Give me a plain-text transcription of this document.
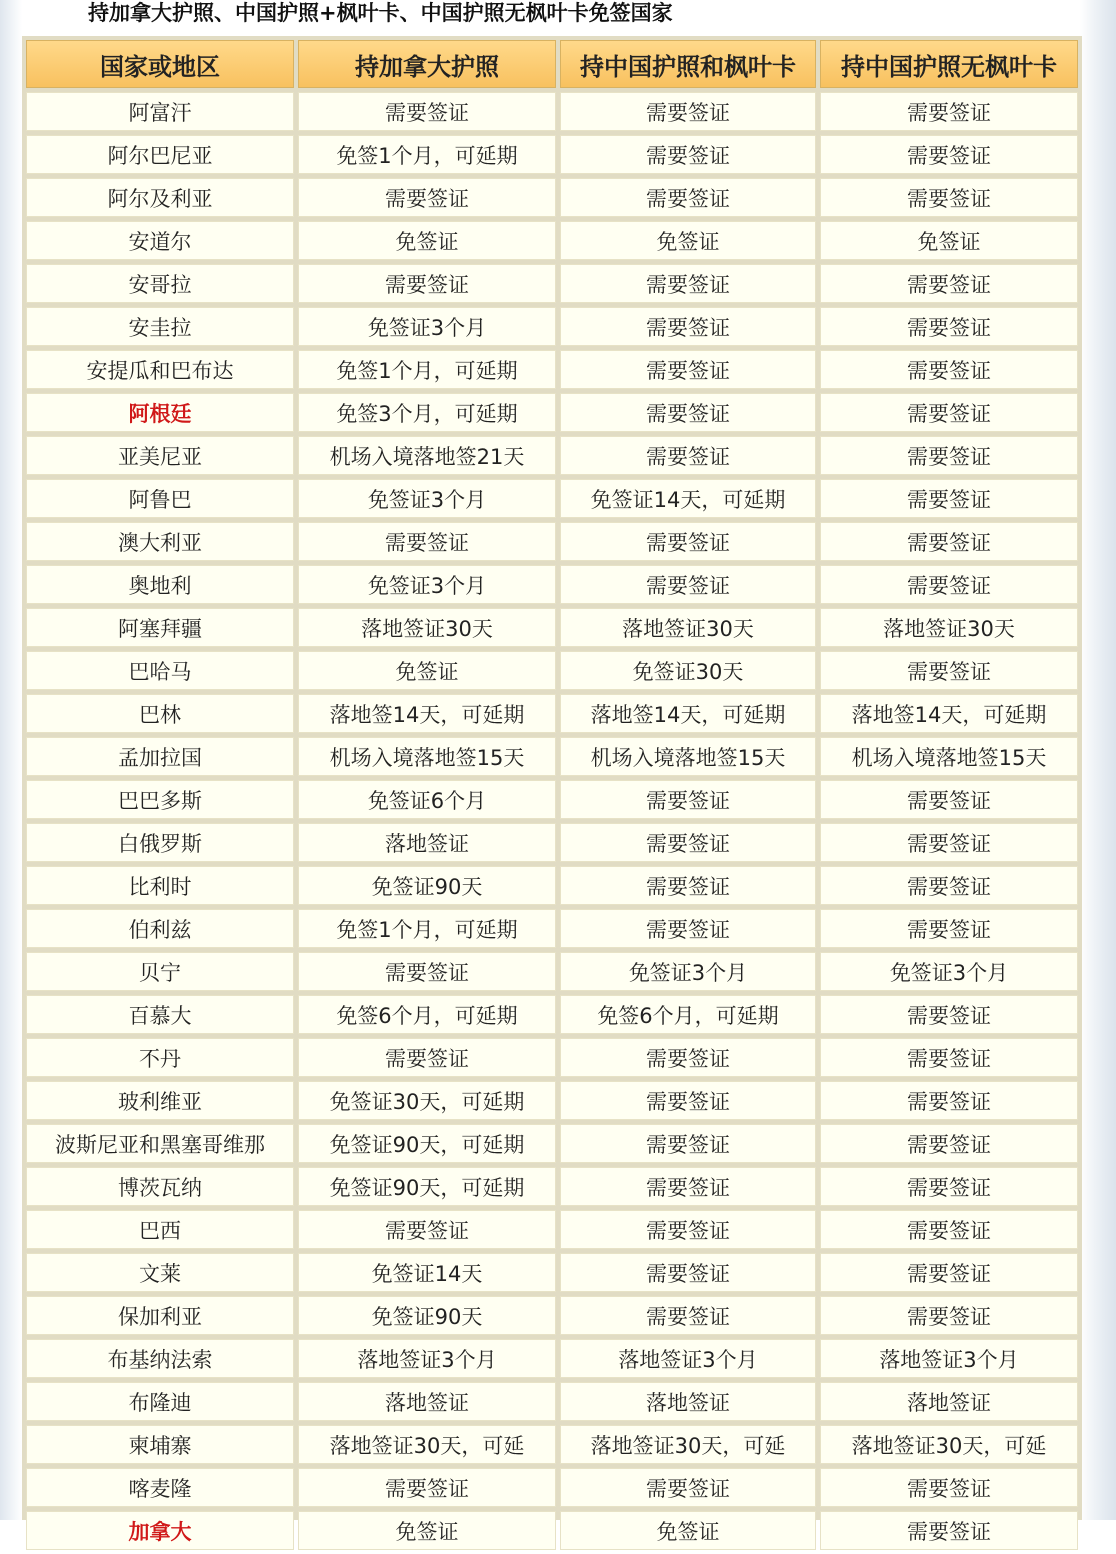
持加拿大护照、中国护照+枫叶卡、中国护照无枫叶卡免签国家
国家或地区	持加拿大护照	持中国护照和枫叶卡	持中国护照无枫叶卡
阿富汗	需要签证	需要签证	需要签证
阿尔巴尼亚	免签1个月，可延期	需要签证	需要签证
阿尔及利亚	需要签证	需要签证	需要签证
安道尔	免签证	免签证	免签证
安哥拉	需要签证	需要签证	需要签证
安圭拉	免签证3个月	需要签证	需要签证
安提瓜和巴布达	免签1个月，可延期	需要签证	需要签证
阿根廷	免签3个月，可延期	需要签证	需要签证
亚美尼亚	机场入境落地签21天	需要签证	需要签证
阿鲁巴	免签证3个月	免签证14天，可延期	需要签证
澳大利亚	需要签证	需要签证	需要签证
奥地利	免签证3个月	需要签证	需要签证
阿塞拜疆	落地签证30天	落地签证30天	落地签证30天
巴哈马	免签证	免签证30天	需要签证
巴林	落地签14天，可延期	落地签14天，可延期	落地签14天，可延期
孟加拉国	机场入境落地签15天	机场入境落地签15天	机场入境落地签15天
巴巴多斯	免签证6个月	需要签证	需要签证
白俄罗斯	落地签证	需要签证	需要签证
比利时	免签证90天	需要签证	需要签证
伯利兹	免签1个月，可延期	需要签证	需要签证
贝宁	需要签证	免签证3个月	免签证3个月
百慕大	免签6个月，可延期	免签6个月，可延期	需要签证
不丹	需要签证	需要签证	需要签证
玻利维亚	免签证30天，可延期	需要签证	需要签证
波斯尼亚和黑塞哥维那	免签证90天，可延期	需要签证	需要签证
博茨瓦纳	免签证90天，可延期	需要签证	需要签证
巴西	需要签证	需要签证	需要签证
文莱	免签证14天	需要签证	需要签证
保加利亚	免签证90天	需要签证	需要签证
布基纳法索	落地签证3个月	落地签证3个月	落地签证3个月
布隆迪	落地签证	落地签证	落地签证
柬埔寨	落地签证30天，可延	落地签证30天，可延	落地签证30天，可延
喀麦隆	需要签证	需要签证	需要签证
加拿大	免签证	免签证	需要签证
